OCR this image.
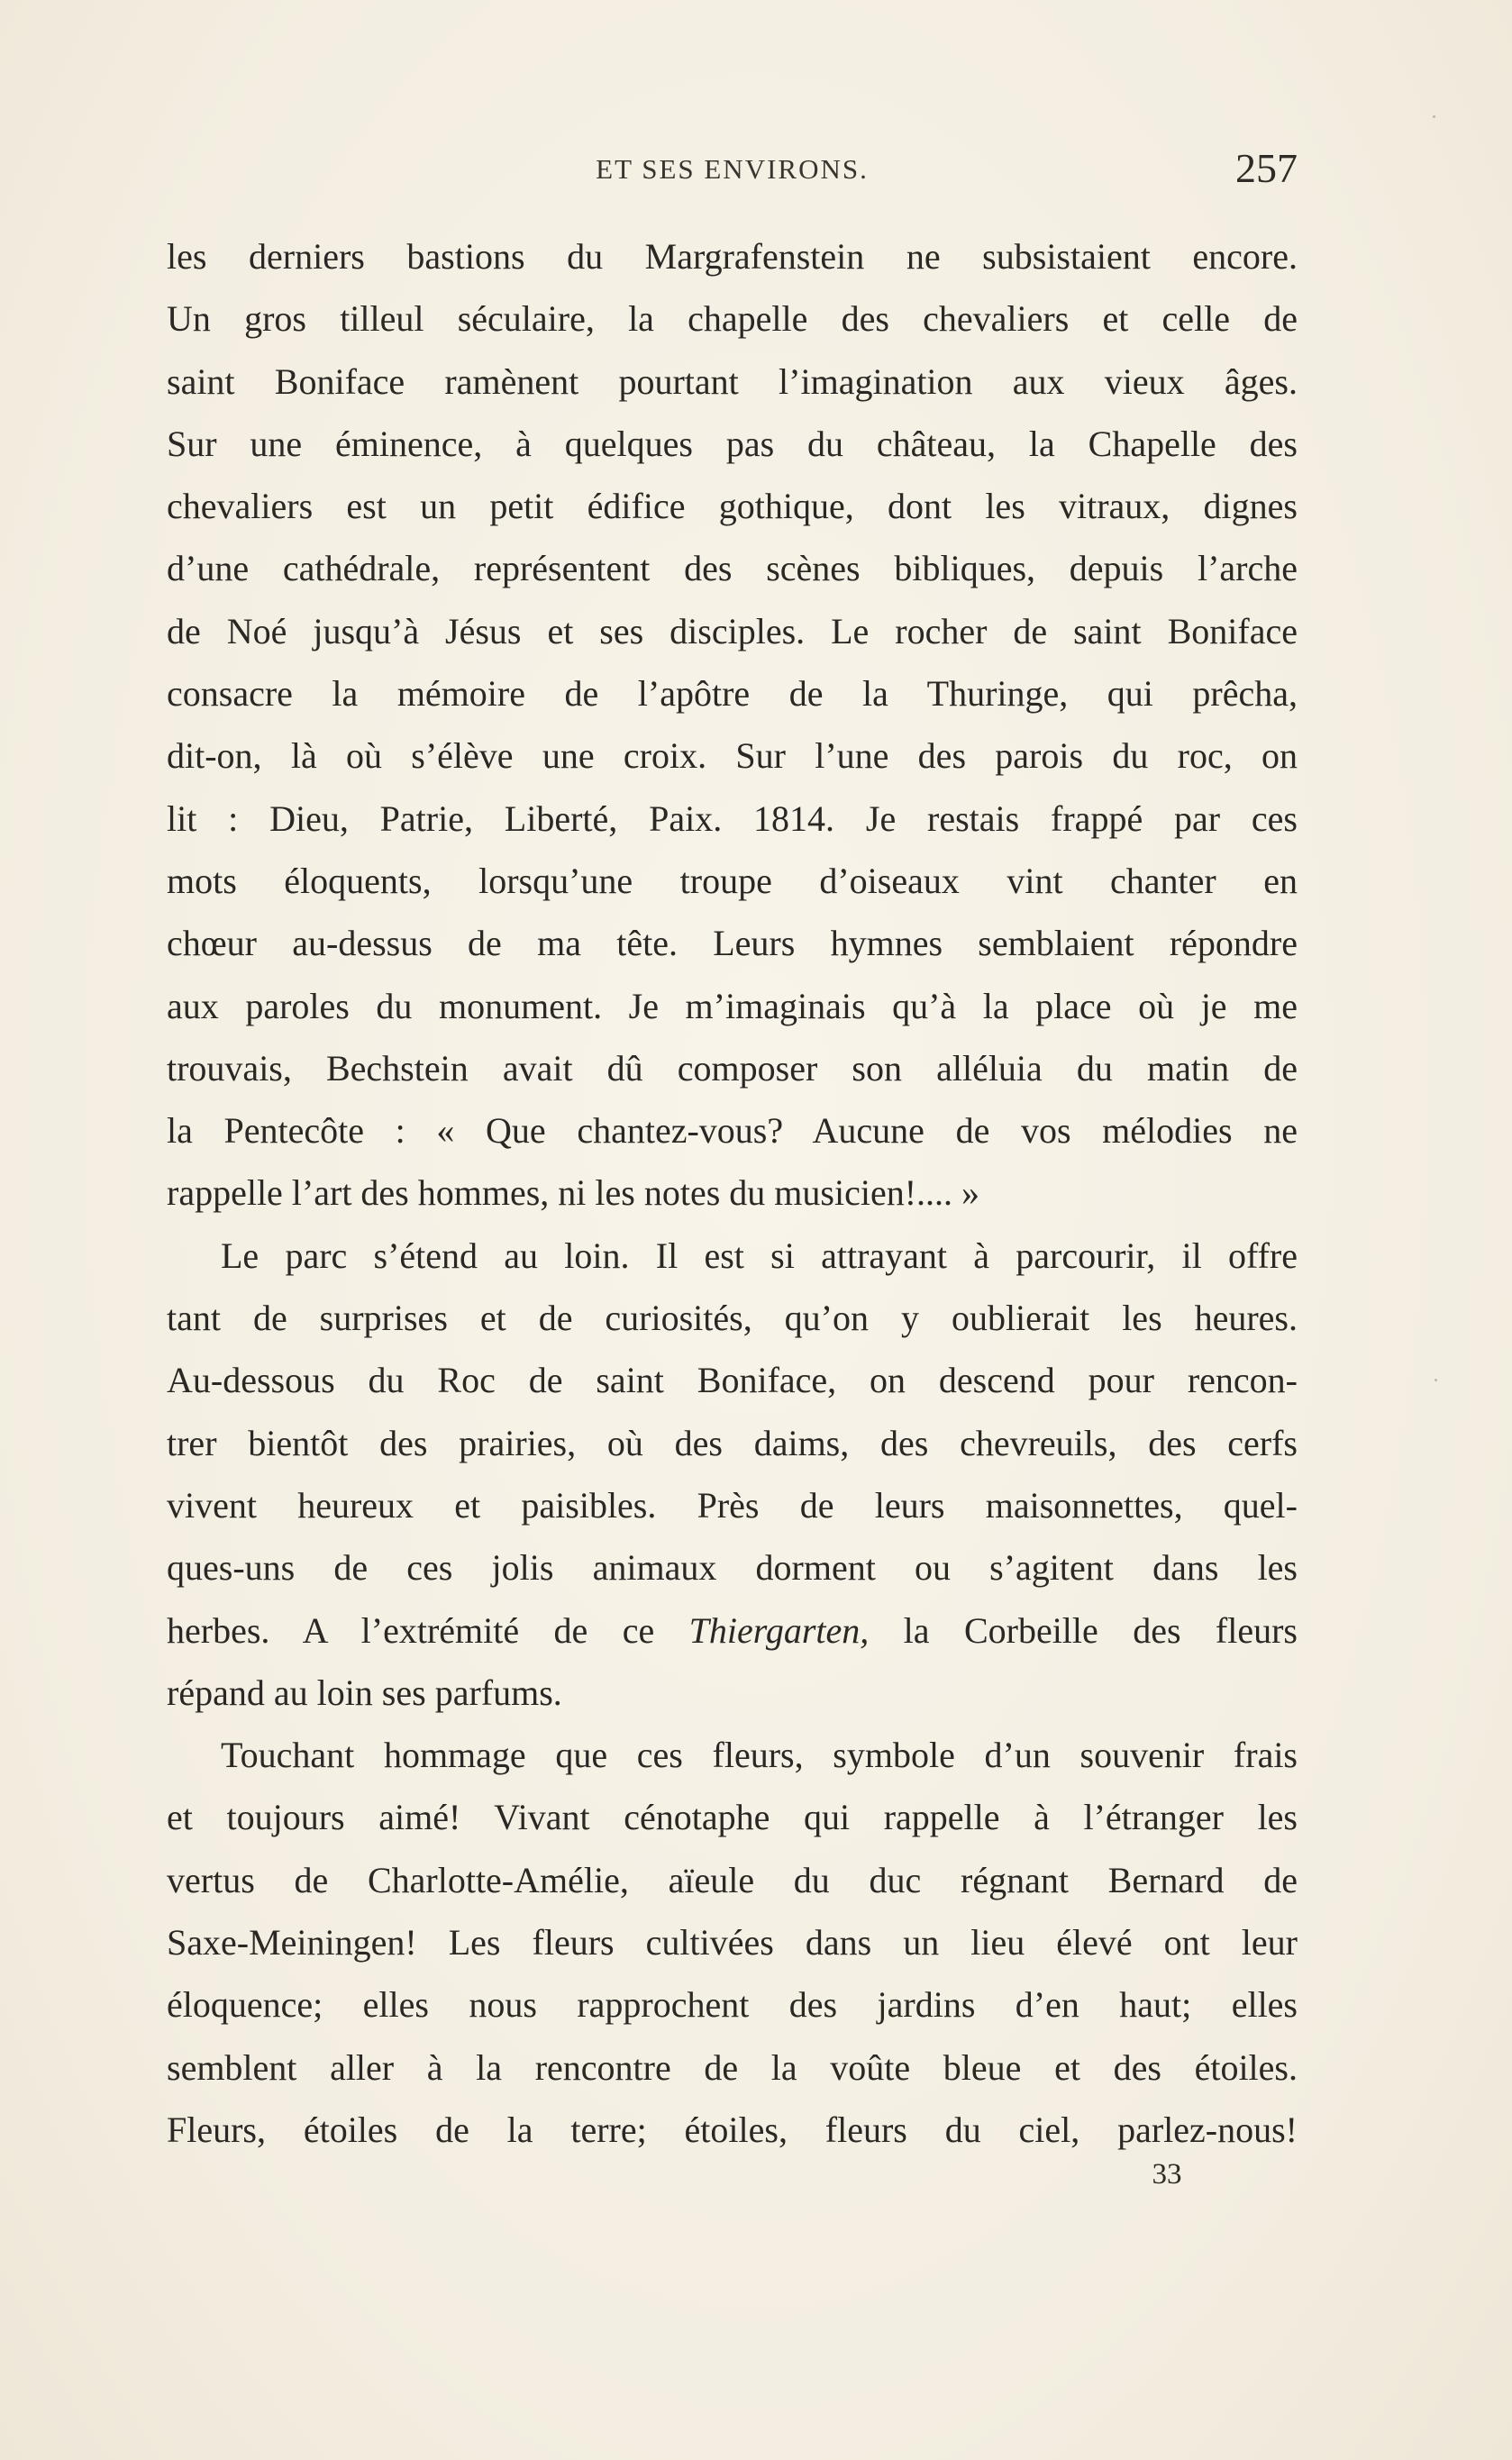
ET SES ENVIRONS.	257
les derniers bastions du Margrafenstein ne subsistaient encore.
Un gros tilleul séculaire, la chapelle des chevaliers et celle de
saint Boniface ramènent pourtant l’imagination aux vieux âges.
Sur une éminence, à quelques pas du château, la Chapelle des
chevaliers est un petit édifice gothique, dont les vitraux, dignes
d’une cathédrale, représentent des scènes bibliques, depuis l’arche
de Noé jusqu’à Jésus et ses disciples. Le rocher de saint Boniface
consacre la mémoire de l’apôtre de la Thuringe, qui prêcha,
dit-on, là où s’élève une croix. Sur l’une des parois du roc, on
lit : Dieu, Patrie, Liberté, Paix. 1814. Je restais frappé par ces
mots éloquents, lorsqu’une troupe d’oiseaux vint chanter en
chœur au-dessus de ma tête. Leurs hymnes semblaient répondre
aux paroles du monument. Je m’imaginais qu’à la place où je me
trouvais, Bechstein avait dû composer son alléluia du matin de
la Pentecôte : « Que chantez-vous? Aucune de vos mélodies ne
rappelle l’art des hommes, ni les notes du musicien!.... »
Le parc s’étend au loin. Il est si attrayant à parcourir, il offre
tant de surprises et de curiosités, qu’on y oublierait les heures.
Au-dessous du Roc de saint Boniface, on descend pour rencon-
trer bientôt des prairies, où des daims, des chevreuils, des cerfs
vivent heureux et paisibles. Près de leurs maisonnettes, quel-
ques-uns de ces jolis animaux dorment ou s’agitent dans les
herbes. A l’extrémité de ce Thiergarten, la Corbeille des fleurs
répand au loin ses parfums.
Touchant hommage que ces fleurs, symbole d’un souvenir frais
et toujours aimé! Vivant cénotaphe qui rappelle à l’étranger les
vertus de Charlotte-Amélie, aïeule du duc régnant Bernard de
Saxe-Meiningen! Les fleurs cultivées dans un lieu élevé ont leur
éloquence; elles nous rapprochent des jardins d’en haut; elles
semblent aller à la rencontre de la voûte bleue et des étoiles.
Fleurs, étoiles de la terre; étoiles, fleurs du ciel, parlez-nous!
33
